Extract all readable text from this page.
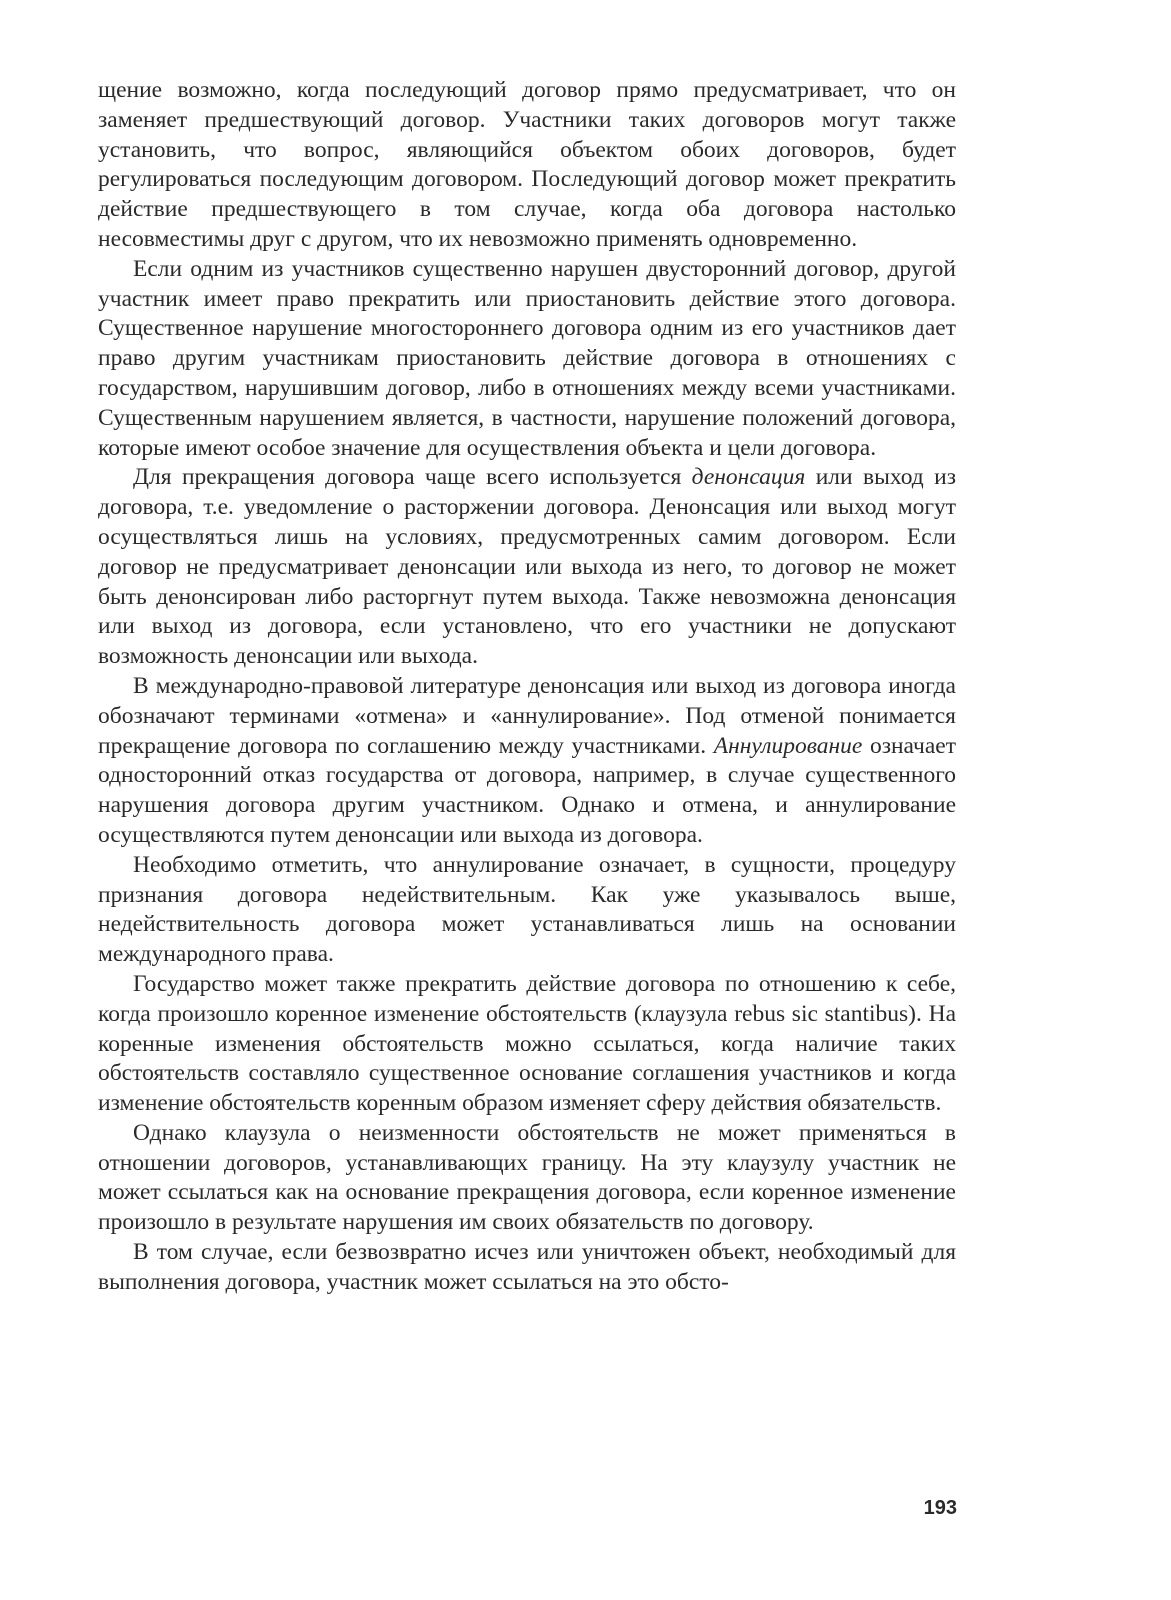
щение возможно, когда последующий договор прямо предусматривает, что он заменяет предшествующий договор. Участники таких договоров могут также установить, что вопрос, являющийся объектом обоих договоров, будет регулироваться последующим договором. Последующий договор может прекратить действие предшествующего в том случае, когда оба договора настолько несовместимы друг с другом, что их невозможно применять одновременно.

Если одним из участников существенно нарушен двусторонний договор, другой участник имеет право прекратить или приостановить действие этого договора. Существенное нарушение многостороннего договора одним из его участников дает право другим участникам приостановить действие договора в отношениях с государством, нарушившим договор, либо в отношениях между всеми участниками. Существенным нарушением является, в частности, нарушение положений договора, которые имеют особое значение для осуществления объекта и цели договора.

Для прекращения договора чаще всего используется денонсация или выход из договора, т.е. уведомление о расторжении договора. Денонсация или выход могут осуществляться лишь на условиях, предусмотренных самим договором. Если договор не предусматривает денонсации или выхода из него, то договор не может быть денонсирован либо расторгнут путем выхода. Также невозможна денонсация или выход из договора, если установлено, что его участники не допускают возможность денонсации или выхода.

В международно-правовой литературе денонсация или выход из договора иногда обозначают терминами «отмена» и «аннулирование». Под отменой понимается прекращение договора по соглашению между участниками. Аннулирование означает односторонний отказ государства от договора, например, в случае существенного нарушения договора другим участником. Однако и отмена, и аннулирование осуществляются путем денонсации или выхода из договора.

Необходимо отметить, что аннулирование означает, в сущности, процедуру признания договора недействительным. Как уже указывалось выше, недействительность договора может устанавливаться лишь на основании международного права.

Государство может также прекратить действие договора по отношению к себе, когда произошло коренное изменение обстоятельств (клаузула rebus sic stantibus). На коренные изменения обстоятельств можно ссылаться, когда наличие таких обстоятельств составляло существенное основание соглашения участников и когда изменение обстоятельств коренным образом изменяет сферу действия обязательств.

Однако клаузула о неизменности обстоятельств не может применяться в отношении договоров, устанавливающих границу. На эту клаузулу участник не может ссылаться как на основание прекращения договора, если коренное изменение произошло в результате нарушения им своих обязательств по договору.

В том случае, если безвозвратно исчез или уничтожен объект, необходимый для выполнения договора, участник может ссылаться на это обсто-

193
